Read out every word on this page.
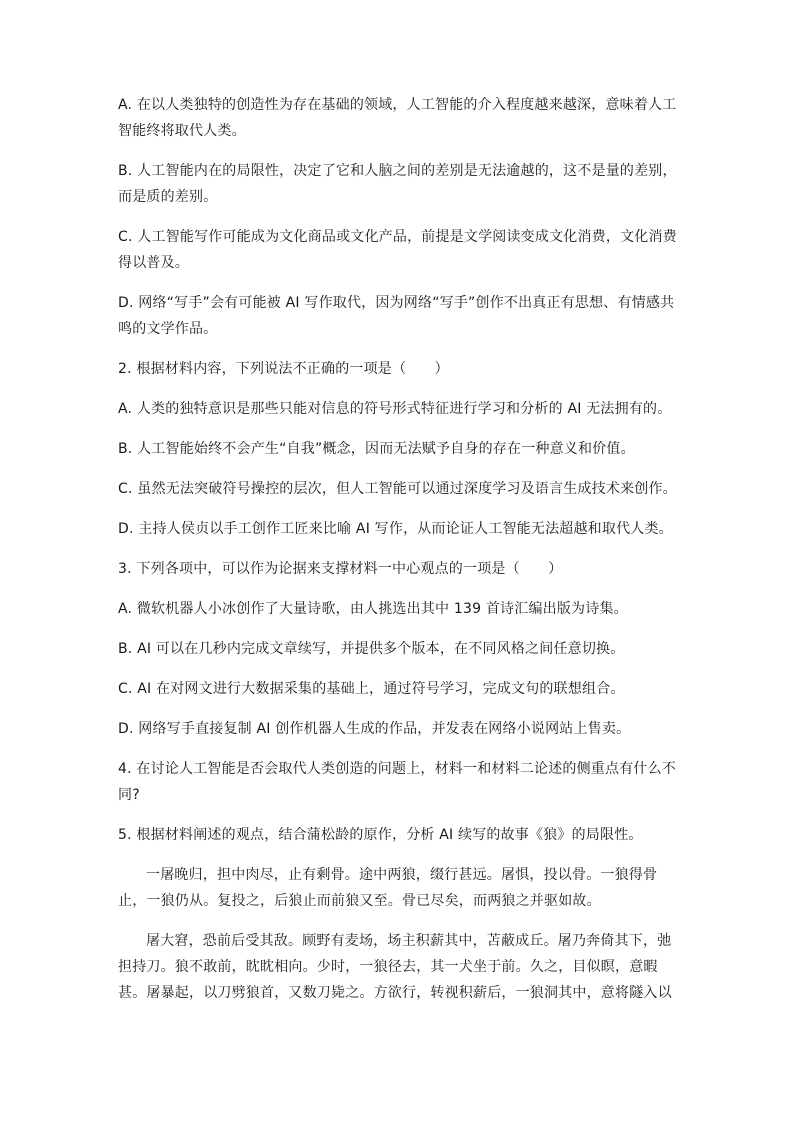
A. 在以人类独特的创造性为存在基础的领域，人工智能的介入程度越来越深，意味着人工智能终将取代人类。

B. 人工智能内在的局限性，决定了它和人脑之间的差别是无法逾越的，这不是量的差别，而是质的差别。

C. 人工智能写作可能成为文化商品或文化产品，前提是文学阅读变成文化消费，文化消费得以普及。

D. 网络“写手”会有可能被 AI 写作取代，因为网络“写手”创作不出真正有思想、有情感共鸣的文学作品。

2. 根据材料内容，下列说法不正确的一项是（　　）

A. 人类的独特意识是那些只能对信息的符号形式特征进行学习和分析的 AI 无法拥有的。

B. 人工智能始终不会产生“自我”概念，因而无法赋予自身的存在一种意义和价值。

C. 虽然无法突破符号操控的层次，但人工智能可以通过深度学习及语言生成技术来创作。

D. 主持人侯贞以手工创作工匠来比喻 AI 写作，从而论证人工智能无法超越和取代人类。

3. 下列各项中，可以作为论据来支撑材料一中心观点的一项是（　　）

A. 微软机器人小冰创作了大量诗歌，由人挑选出其中 139 首诗汇编出版为诗集。

B. AI 可以在几秒内完成文章续写，并提供多个版本，在不同风格之间任意切换。

C. AI 在对网文进行大数据采集的基础上，通过符号学习，完成文句的联想组合。

D. 网络写手直接复制 AI 创作机器人生成的作品，并发表在网络小说网站上售卖。

4. 在讨论人工智能是否会取代人类创造的问题上，材料一和材料二论述的侧重点有什么不同?

5. 根据材料阐述的观点，结合蒲松龄的原作，分析 AI 续写的故事《狼》的局限性。

一屠晚归，担中肉尽，止有剩骨。途中两狼，缀行甚远。屠惧，投以骨。一狼得骨止，一狼仍从。复投之，后狼止而前狼又至。骨已尽矣，而两狼之并驱如故。

屠大窘，恐前后受其敌。顾野有麦场，场主积薪其中，苫蔽成丘。屠乃奔倚其下，弛担持刀。狼不敢前，眈眈相向。少时，一狼径去，其一犬坐于前。久之，目似瞑，意暇甚。屠暴起，以刀劈狼首，又数刀毙之。方欲行，转视积薪后，一狼洞其中，意将隧入以
